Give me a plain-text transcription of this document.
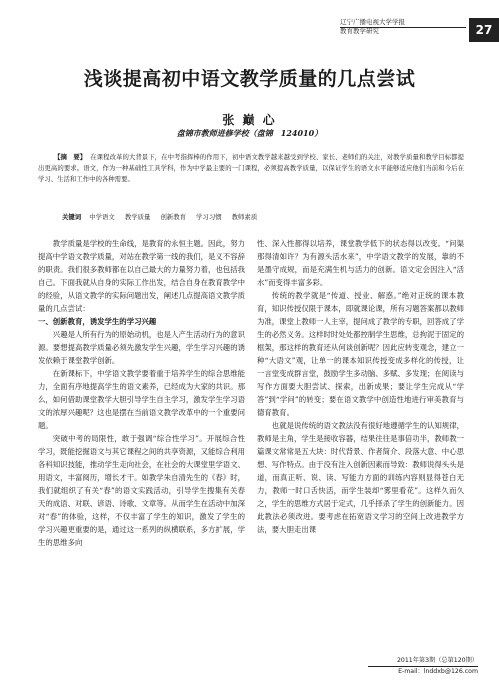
辽宁广播电视大学学报
教育教学研究	27
浅谈提高初中语文教学质量的几点尝试
张 巅 心
盘锦市教师进修学校（盘锦　124010）
【摘　要】 在课程改革的大背景下，在中考指挥棒的作用下，初中语文教学越来越受到学校、家长、老师们的关注，对教学质量和教学目标都提出更高的要求。语文，作为一种基础性工具学科，作为中学最主要的一门课程，必须提高教学质量，以保证学生的语文水平能够适应他们当前和今后在学习、生活和工作中的各种需要。
关键词 中学语文 教学质量 创新教育 学习习惯 教师素质

教学质量是学校的生命线，是教育的永恒主题。因此，努力提高中学语文教学质量，对站在教学第一线的我们，是义不容辞的职责。我们很多教师都在以自己最大的力量努力着，也包括我自己。下面我就从自身的实际工作出发，结合自身在教育教学中的经验，从语文教学的实际问题出发，阐述几点提高语文教学质量的几点尝试：

一、创新教育，诱发学生的学习兴趣

兴趣是人所有行为的原始动机，也是人产生活动行为的意识源。要想提高教学质量必须先激发学生兴趣，学生学习兴趣的诱发依赖于课堂教学创新。

在新课标下，中学语文教学要着重于培养学生的综合思维能力，全面有序地提高学生的语文素养，已经成为大家的共识。那么，如何借助课堂教学大胆引导学生自主学习，激发学生学习语文的浓厚兴趣呢？这也是摆在当前语文教学改革中的一个重要问题。

突破中考的局限性，敢于强调“综合性学习”。开展综合性学习，既能挖掘语文与其它课程之间的共享资源，又能综合利用各科知识技能，推动学生走向社会，在社会的大课堂里学语文、用语文，丰富阅历，增长才干。如教学朱自清先生的《春》时，我们就组织了有关“春”的语文实践活动，引导学生搜集有关春天的成语、对联、谚语、诗歌、文章等。从而学生在活动中加深对“春”的体验，这样，不仅丰富了学生的知识，激发了学生的学习兴趣更重要的是，通过这一系列的纵横联系，多方扩展，学生的思维多向

性、深入性都得以培养，课堂教学低下的状态得以改变。“问渠那得清如许？为有源头活水来”，中学语文教学的发展，靠的不是墨守成规，而是充满生机与活力的创新。语文定会因注入“活水”而变得丰富多彩。

传统的教学就是“传道、授业、解惑。”绝对正统的课本教育，知识传授仅限于课本，即就课论课，所有习题答案都以教师为准，课堂上教师一人主宰，提问成了教学的专职，回答成了学生的必然义务。这样时时处处都控制学生思维，总拘泥于固定的框架，那这样的教育还从何谈创新呢？因此应转变观念，建立一种“大语文”观，让单一的课本知识传授变成多样化的传授，让一言堂变成群言堂，鼓励学生多动脑、多赋、多发现；在阅读与写作方面要大胆尝试、探索，出新成果；要让学生完成从“学答”到“学问”的转变；要在语文教学中创造性地进行审美教育与德育教育。

也就是说传统的语文教法没有很好地遵循学生的认知规律，教师是主角，学生是接收容器，结果往往是事倍功半，教师教一篇课文常常是五大块：时代背景、作者简介、段落大意、中心思想、写作特点。由于没有注入创新因素而导致：教师说得头头是道，而真正听、说、读、写能力方面的训练内容则显得苍白无力，教师一时口舌快活，而学生装却“雾里看花”。这样久而久之，学生的思维方式居于定式，几乎择杀了学生的创新能力。因此教法必须改进。要考虑在拓宽语文学习的空间上改进教学方法，要大胆走出课

2011年第3期（总第120期）
E-mail：lnddxb@126.com
